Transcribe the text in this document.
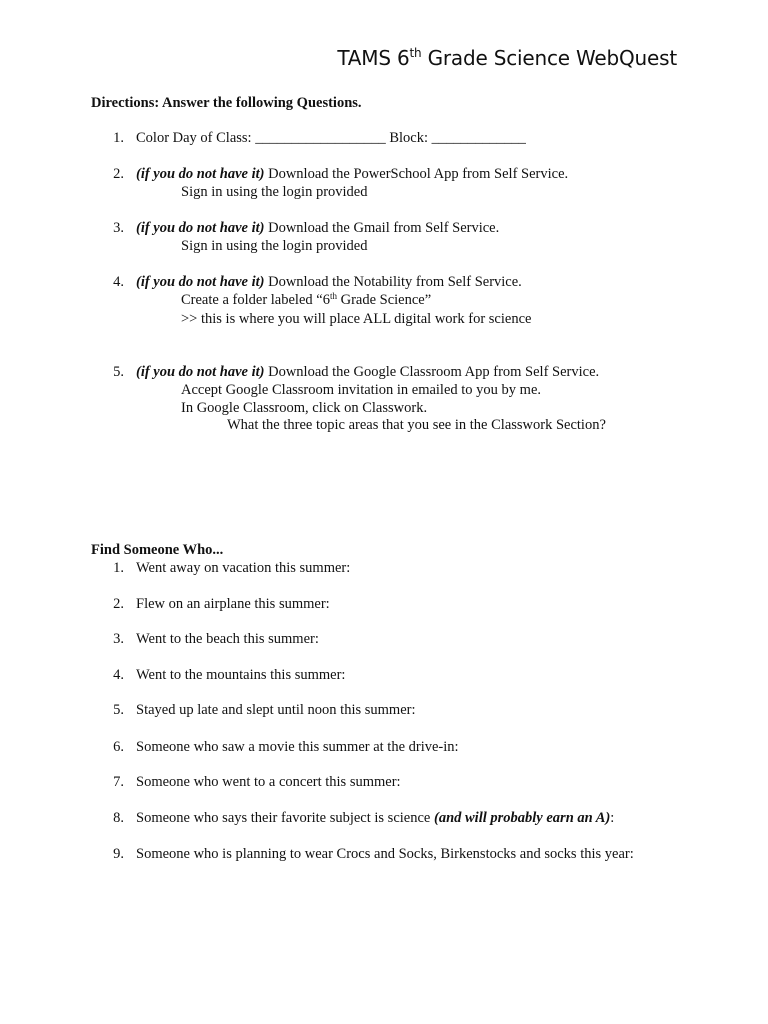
TAMS 6th Grade Science WebQuest
Directions: Answer the following Questions.
1. Color Day of Class: __________________ Block: _____________
2. (if you do not have it) Download the PowerSchool App from Self Service.
Sign in using the login provided
3. (if you do not have it) Download the Gmail from Self Service.
Sign in using the login provided
4. (if you do not have it) Download the Notability from Self Service.
Create a folder labeled “6th Grade Science”
>> this is where you will place ALL digital work for science
5. (if you do not have it) Download the Google Classroom App from Self Service.
Accept Google Classroom invitation in emailed to you by me.
In Google Classroom, click on Classwork.
What the three topic areas that you see in the Classwork Section?
Find Someone Who...
1. Went away on vacation this summer:
2. Flew on an airplane this summer:
3. Went to the beach this summer:
4. Went to the mountains this summer:
5. Stayed up late and slept until noon this summer:
6. Someone who saw a movie this summer at the drive-in:
7. Someone who went to a concert this summer:
8. Someone who says their favorite subject is science (and will probably earn an A):
9. Someone who is planning to wear Crocs and Socks, Birkenstocks and socks this year:
